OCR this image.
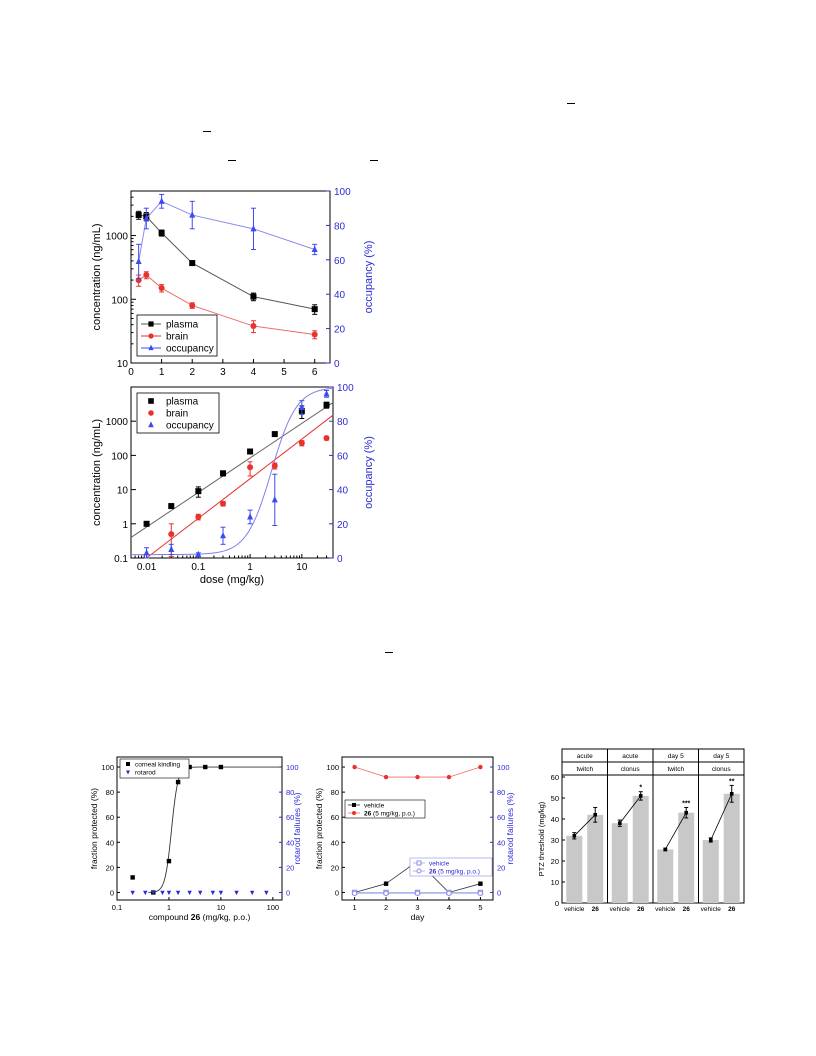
0	1	2	3	4	5	6
10
100
1000
0
20
40
60
80
100
concentration (ng/mL)	occupancy (%)
plasma
brain
occupancy
0.01	0.1	1	10
0.1
1
10
100
1000
0
20
40
60
80
100
concentration (ng/mL)	occupancy (%)
dose (mg/kg)
plasma
brain
occupancy
0.1	1	10	100
0
20
40
60
80
100
0
20
40
60
80
100
fraction protected (%)	rotarod failures (%)
compound 26 (mg/kg, p.o.)
corneal kindling
rotarod
1	2	3	4	5
0
20
40
60
80
100
0
20
40
60
80
100
fraction protected (%)	rotarod failures (%)
day
vehicle
26 (5 mg/kg, p.o.)
vehicle
26 (5 mg/kg, p.o.)
0
10
20
30
40
50
60
PTZ threshold (mg/kg)
acute
twitch
vehicle 26
acute
clonus
vehicle 26
*
day 5
twitch
vehicle 26
***
day 5
clonus
vehicle 26
**
